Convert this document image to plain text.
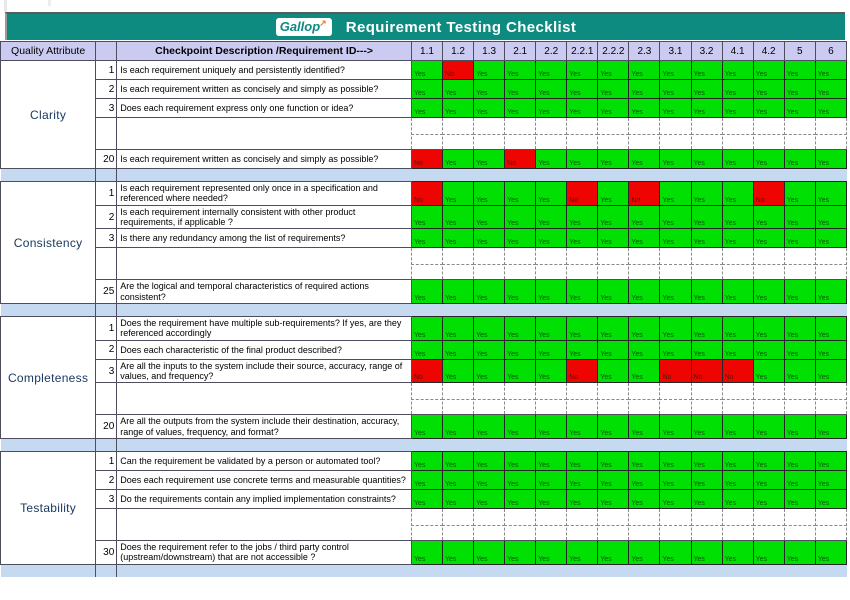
Gallop↗	Requirement Testing Checklist
Quality Attribute		Checkpoint Description /Requirement ID--->	1.1	1.2	1.3	2.1	2.2	2.2.1	2.2.2	2.3	3.1	3.2	4.1	4.2	5	6
Clarity	1	Is each requirement uniquely and persistently identified?	Yes	No	Yes	Yes	Yes	Yes	Yes	Yes	Yes	Yes	Yes	Yes	Yes	Yes
	2	Is each requirement written as concisely and simply as possible?	Yes	Yes	Yes	Yes	Yes	Yes	Yes	Yes	Yes	Yes	Yes	Yes	Yes	Yes
	3	Does each requirement express only one function or idea?	Yes	Yes	Yes	Yes	Yes	Yes	Yes	Yes	Yes	Yes	Yes	Yes	Yes	Yes

	20	Is each requirement written as concisely and simply as possible?	No	Yes	Yes	No	Yes	Yes	Yes	Yes	Yes	Yes	Yes	Yes	Yes	Yes

Consistency	1	Is each requirement represented only once in a specification and referenced where needed?	No	Yes	Yes	Yes	Yes	No	Yes	No	Yes	Yes	Yes	No	Yes	Yes
	2	Is each requirement internally consistent with other product requirements, if applicable ?	Yes	Yes	Yes	Yes	Yes	Yes	Yes	Yes	Yes	Yes	Yes	Yes	Yes	Yes
	3	Is there any redundancy among the list of requirements?	Yes	Yes	Yes	Yes	Yes	Yes	Yes	Yes	Yes	Yes	Yes	Yes	Yes	Yes

	25	Are the logical and temporal characteristics of required actions consistent?	Yes	Yes	Yes	Yes	Yes	Yes	Yes	Yes	Yes	Yes	Yes	Yes	Yes	Yes

Completeness	1	Does the requirement have multiple sub-requirements? If yes, are they referenced accordingly	Yes	Yes	Yes	Yes	Yes	Yes	Yes	Yes	Yes	Yes	Yes	Yes	Yes	Yes
	2	Does each characteristic of the final product described?	Yes	Yes	Yes	Yes	Yes	Yes	Yes	Yes	Yes	Yes	Yes	Yes	Yes	Yes
	3	Are all the inputs to the system include their source, accuracy, range of values, and frequency?	No	Yes	Yes	Yes	Yes	No	Yes	Yes	No	No	No	Yes	Yes	Yes

	20	Are all the outputs from the system include their destination, accuracy, range of values, frequency, and format?	Yes	Yes	Yes	Yes	Yes	Yes	Yes	Yes	Yes	Yes	Yes	Yes	Yes	Yes

Testability	1	Can the requirement be validated by a person or automated tool?	Yes	Yes	Yes	Yes	Yes	Yes	Yes	Yes	Yes	Yes	Yes	Yes	Yes	Yes
	2	Does each requirement use concrete terms and measurable quantities?	Yes	Yes	Yes	Yes	Yes	Yes	Yes	Yes	Yes	Yes	Yes	Yes	Yes	Yes
	3	Do the requirements contain any implied implementation constraints?	Yes	Yes	Yes	Yes	Yes	Yes	Yes	Yes	Yes	Yes	Yes	Yes	Yes	Yes

	30	Does the requirement refer to the jobs / third party control (upstream/downstream) that are not accessible ?	Yes	Yes	Yes	Yes	Yes	Yes	Yes	Yes	Yes	Yes	Yes	Yes	Yes	Yes
